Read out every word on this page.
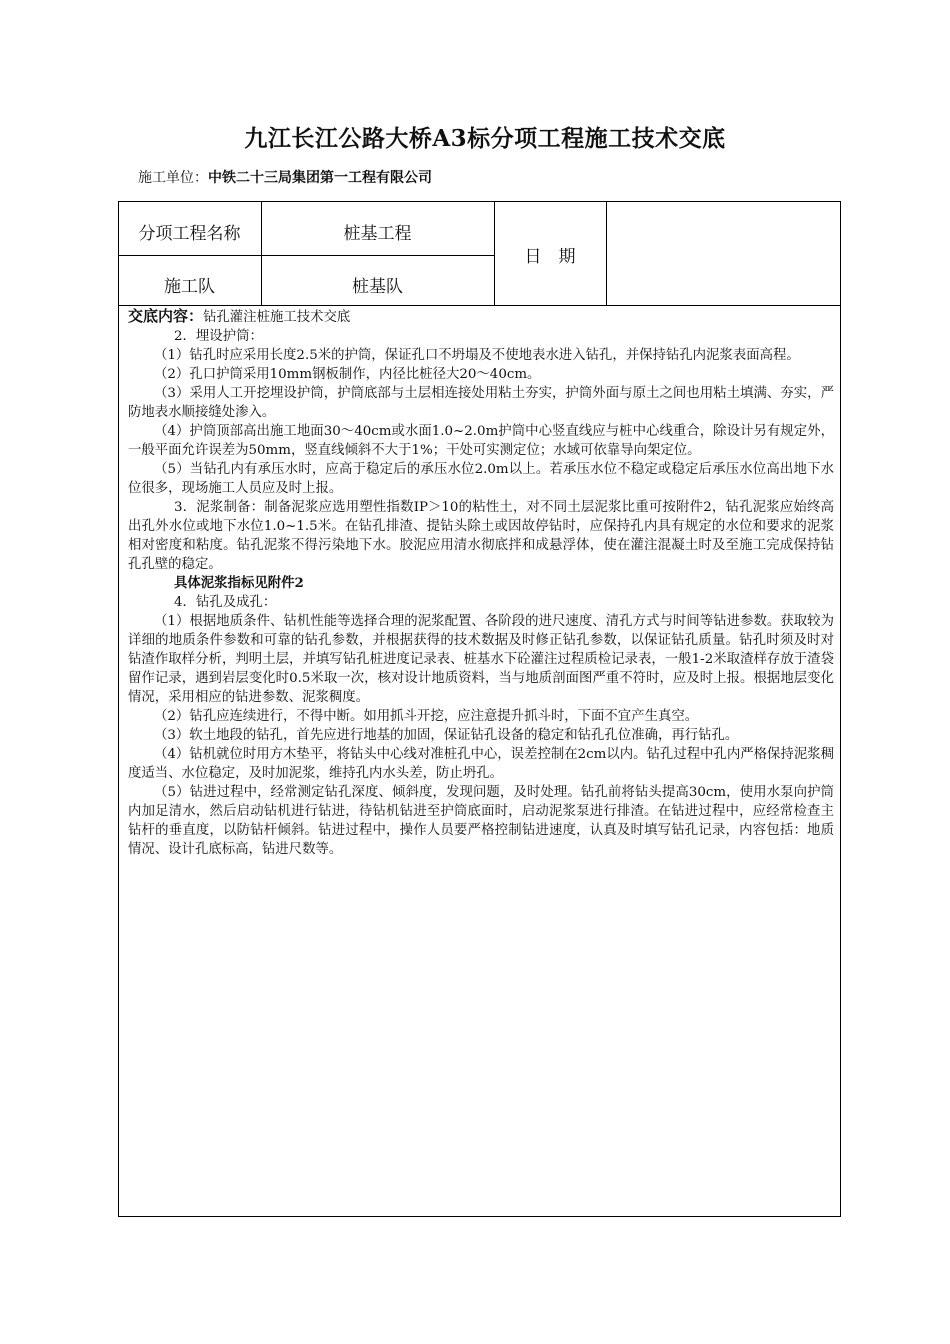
九江长江公路大桥A3标分项工程施工技术交底
施工单位：中铁二十三局集团第一工程有限公司
分项工程名称	桩基工程
日　期
施工队	桩基队

交底内容：钻孔灌注桩施工技术交底

2．埋设护筒：

（1）钻孔时应采用长度2.5米的护筒，保证孔口不坍塌及不使地表水进入钻孔，并保持钻孔内泥浆表面高程。

（2）孔口护筒采用10mm钢板制作，内径比桩径大20～40cm。

（3）采用人工开挖埋设护筒，护筒底部与土层相连接处用粘土夯实，护筒外面与原土之间也用粘土填满、夯实，严防地表水顺接缝处渗入。

（4）护筒顶部高出施工地面30～40cm或水面1.0~2.0m护筒中心竖直线应与桩中心线重合，除设计另有规定外，一般平面允许误差为50mm，竖直线倾斜不大于1%；干处可实测定位；水域可依靠导向架定位。

（5）当钻孔内有承压水时，应高于稳定后的承压水位2.0m以上。若承压水位不稳定或稳定后承压水位高出地下水位很多，现场施工人员应及时上报。

3．泥浆制备：制备泥浆应选用塑性指数IP＞10的粘性土，对不同土层泥浆比重可按附件2，钻孔泥浆应始终高出孔外水位或地下水位1.0~1.5米。在钻孔排渣、提钻头除土或因故停钻时，应保持孔内具有规定的水位和要求的泥浆相对密度和粘度。钻孔泥浆不得污染地下水。胶泥应用清水彻底拌和成悬浮体，使在灌注混凝土时及至施工完成保持钻孔孔壁的稳定。

具体泥浆指标见附件2

4．钻孔及成孔：

（1）根据地质条件、钻机性能等选择合理的泥浆配置、各阶段的进尺速度、清孔方式与时间等钻进参数。获取较为详细的地质条件参数和可靠的钻孔参数，并根据获得的技术数据及时修正钻孔参数，以保证钻孔质量。钻孔时须及时对钻渣作取样分析，判明土层，并填写钻孔桩进度记录表、桩基水下砼灌注过程质检记录表，一般1-2米取渣样存放于渣袋留作记录，遇到岩层变化时0.5米取一次，核对设计地质资料，当与地质剖面图严重不符时，应及时上报。根据地层变化情况，采用相应的钻进参数、泥浆稠度。

（2）钻孔应连续进行，不得中断。如用抓斗开挖，应注意提升抓斗时，下面不宜产生真空。

（3）软土地段的钻孔，首先应进行地基的加固，保证钻孔设备的稳定和钻孔孔位准确，再行钻孔。

（4）钻机就位时用方木垫平，将钻头中心线对准桩孔中心，误差控制在2cm以内。钻孔过程中孔内严格保持泥浆稠度适当、水位稳定，及时加泥浆，维持孔内水头差，防止坍孔。

（5）钻进过程中，经常测定钻孔深度、倾斜度，发现问题，及时处理。钻孔前将钻头提高30cm，使用水泵向护筒内加足清水，然后启动钻机进行钻进，待钻机钻进至护筒底面时，启动泥浆泵进行排渣。在钻进过程中，应经常检查主钻杆的垂直度，以防钻杆倾斜。钻进过程中，操作人员要严格控制钻进速度，认真及时填写钻孔记录，内容包括：地质情况、设计孔底标高，钻进尺数等。
